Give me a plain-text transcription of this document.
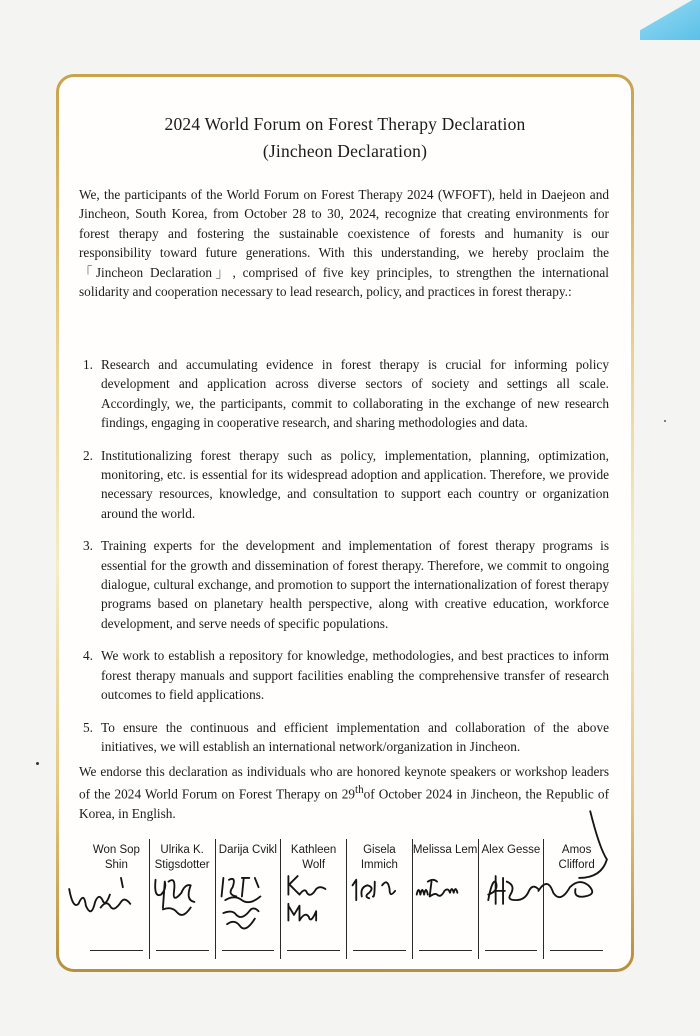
2024 World Forum on Forest Therapy Declaration
(Jincheon Declaration)
We, the participants of the World Forum on Forest Therapy 2024 (WFOFT), held in Daejeon and Jincheon, South Korea, from October 28 to 30, 2024, recognize that creating environments for forest therapy and fostering the sustainable coexistence of forests and humanity is our responsibility toward future generations. With this understanding, we hereby proclaim the 「Jincheon Declaration」, comprised of five key principles, to strengthen the international solidarity and cooperation necessary to lead research, policy, and practices in forest therapy.:
1. Research and accumulating evidence in forest therapy is crucial for informing policy development and application across diverse sectors of society and settings all scale. Accordingly, we, the participants, commit to collaborating in the exchange of new research findings, engaging in cooperative research, and sharing methodologies and data.
2. Institutionalizing forest therapy such as policy, implementation, planning, optimization, monitoring, etc. is essential for its widespread adoption and application. Therefore, we provide necessary resources, knowledge, and consultation to support each country or organization around the world.
3. Training experts for the development and implementation of forest therapy programs is essential for the growth and dissemination of forest therapy. Therefore, we commit to ongoing dialogue, cultural exchange, and promotion to support the internationalization of forest therapy programs based on planetary health perspective, along with creative education, workforce development, and serve needs of specific populations.
4. We work to establish a repository for knowledge, methodologies, and best practices to inform forest therapy manuals and support facilities enabling the comprehensive transfer of research outcomes to field applications.
5. To ensure the continuous and efficient implementation and collaboration of the above initiatives, we will establish an international network/organization in Jincheon.
We endorse this declaration as individuals who are honored keynote speakers or workshop leaders of the 2024 World Forum on Forest Therapy on 29thof October 2024 in Jincheon, the Republic of Korea, in English.
Won Sop Shin
Ulrika K. Stigsdotter
Darija Cvikl	Kathleen Wolf
Gisela Immich
Melissa Lem Alex Gesse	Amos Clifford
